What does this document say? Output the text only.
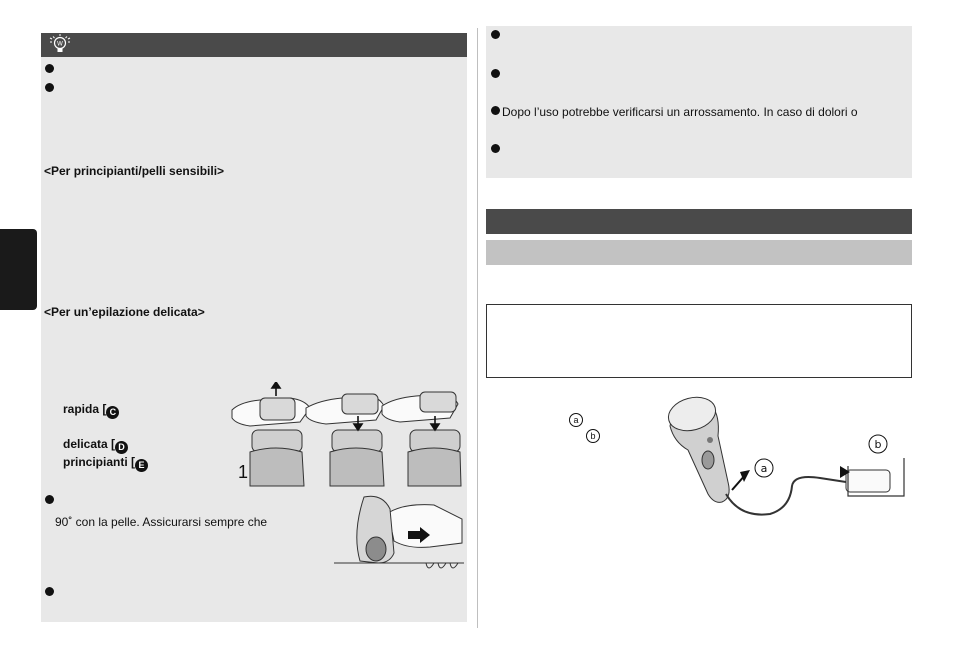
W
<Per principianti/pelli sensibili>
<Per un’epilazione delicata>
rapida [ C
delicata [ D
principianti [ E	1
90˚ con la pelle. Assicurarsi sempre che
Dopo l’uso potrebbe verificarsi un arrossamento. In caso di dolori o
a
b
a
b
